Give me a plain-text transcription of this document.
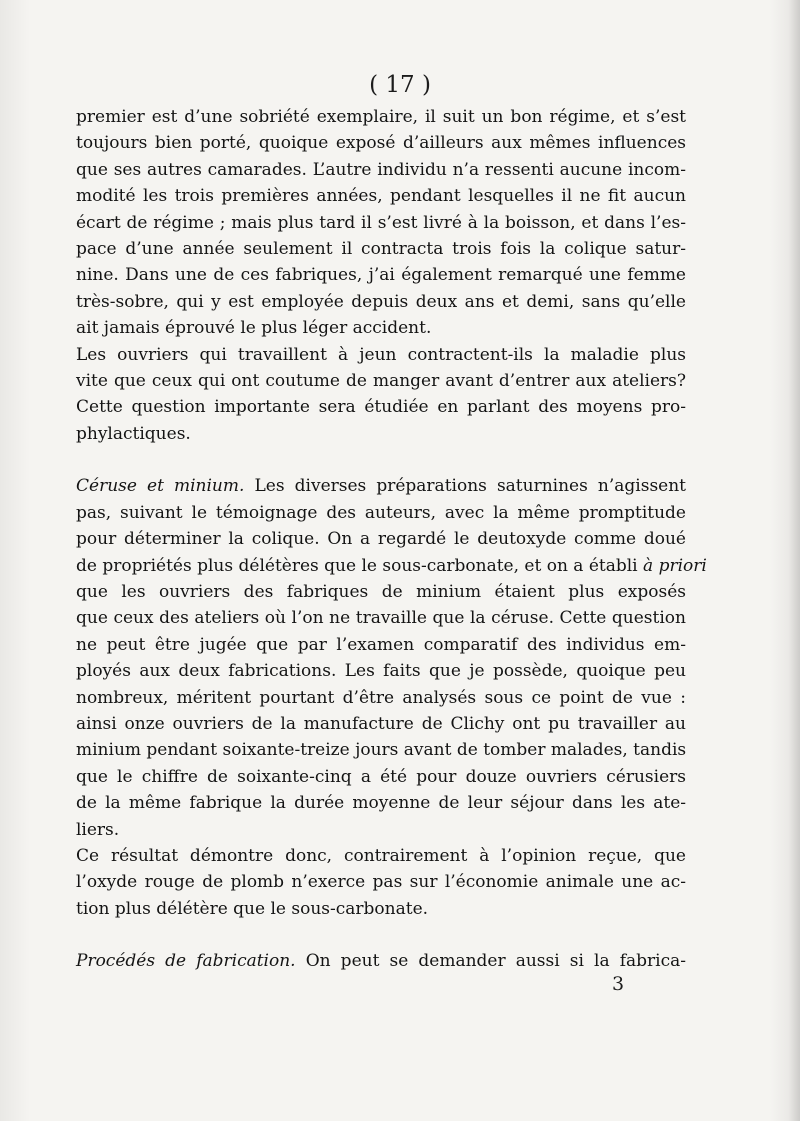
( 17 )
premier est d’une sobriété exemplaire, il suit un bon régime, et s’est
toujours bien porté, quoique exposé d’ailleurs aux mêmes influences
que ses autres camarades. L’autre individu n’a ressenti aucune incom-
modité les trois premières années, pendant lesquelles il ne fit aucun
écart de régime ; mais plus tard il s’est livré à la boisson, et dans l’es-
pace d’une année seulement il contracta trois fois la colique satur-
nine. Dans une de ces fabriques, j’ai également remarqué une femme
très-sobre, qui y est employée depuis deux ans et demi, sans qu’elle
ait jamais éprouvé le plus léger accident.
Les ouvriers qui travaillent à jeun contractent-ils la maladie plus
vite que ceux qui ont coutume de manger avant d’entrer aux ateliers?
Cette question importante sera étudiée en parlant des moyens pro-
phylactiques.
Céruse et minium. Les diverses préparations saturnines n’agissent
pas, suivant le témoignage des auteurs, avec la même promptitude
pour déterminer la colique. On a regardé le deutoxyde comme doué
de propriétés plus délétères que le sous-carbonate, et on a établi à priori
que les ouvriers des fabriques de minium étaient plus exposés
que ceux des ateliers où l’on ne travaille que la céruse. Cette question
ne peut être jugée que par l’examen comparatif des individus em-
ployés aux deux fabrications. Les faits que je possède, quoique peu
nombreux, méritent pourtant d’être analysés sous ce point de vue :
ainsi onze ouvriers de la manufacture de Clichy ont pu travailler au
minium pendant soixante-treize jours avant de tomber malades, tandis
que le chiffre de soixante-cinq a été pour douze ouvriers cérusiers
de la même fabrique la durée moyenne de leur séjour dans les ate-
liers.
Ce résultat démontre donc, contrairement à l’opinion reçue, que
l’oxyde rouge de plomb n’exerce pas sur l’économie animale une ac-
tion plus délétère que le sous-carbonate.
Procédés de fabrication. On peut se demander aussi si la fabrica-
3
